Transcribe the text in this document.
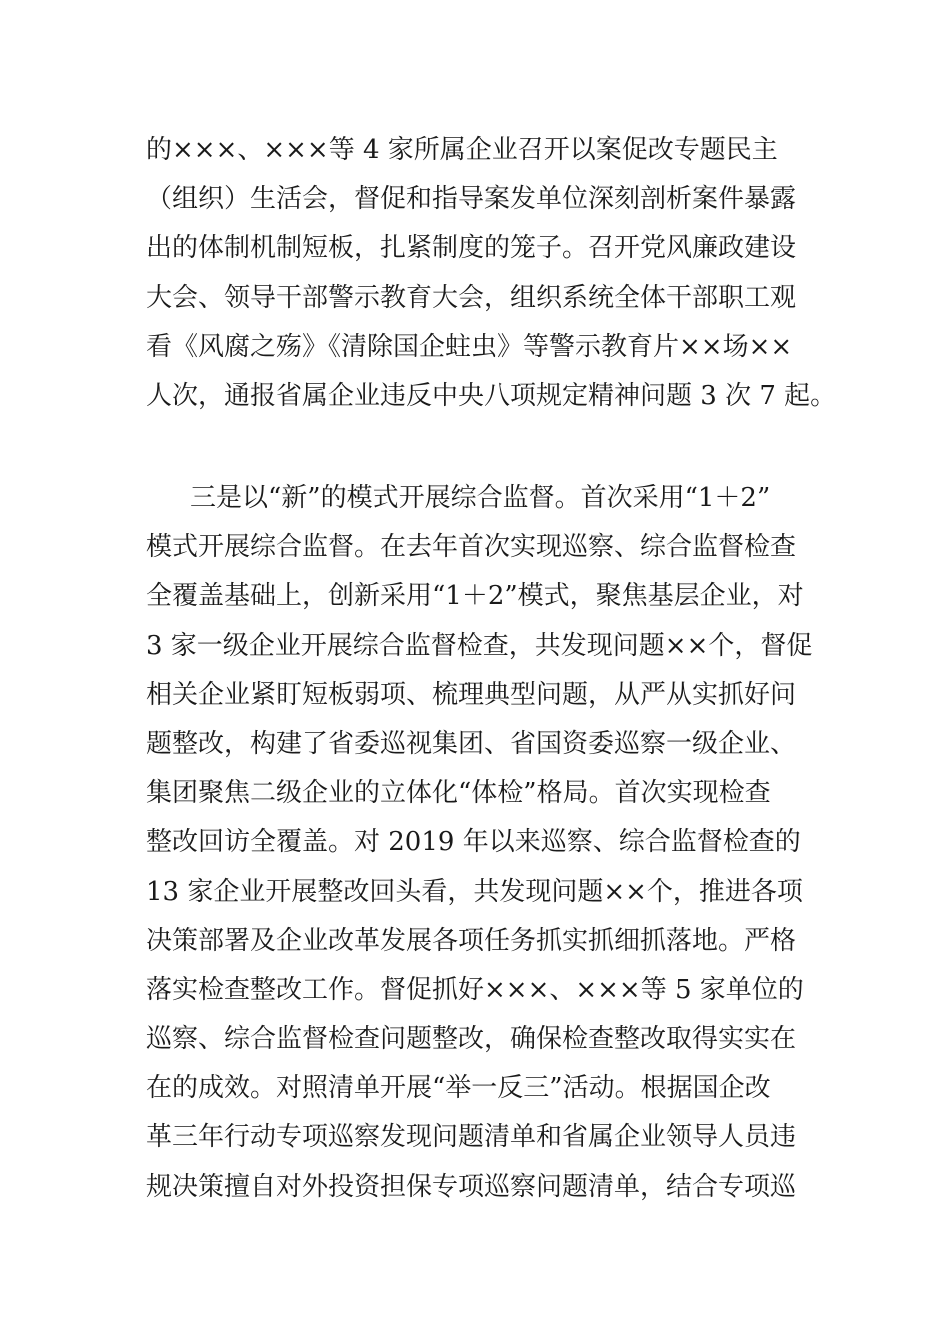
的×××、×××等 4 家所属企业召开以案促改专题民主
（组织）生活会，督促和指导案发单位深刻剖析案件暴露
出的体制机制短板，扎紧制度的笼子。召开党风廉政建设
大会、领导干部警示教育大会，组织系统全体干部职工观
看《风腐之殇》《清除国企蛀虫》等警示教育片××场××
人次，通报省属企业违反中央八项规定精神问题 3 次 7 起。
三是以“新”的模式开展综合监督。首次采用“1＋2”
模式开展综合监督。在去年首次实现巡察、综合监督检查
全覆盖基础上，创新采用“1＋2”模式，聚焦基层企业，对
3 家一级企业开展综合监督检查，共发现问题××个，督促
相关企业紧盯短板弱项、梳理典型问题，从严从实抓好问
题整改，构建了省委巡视集团、省国资委巡察一级企业、
集团聚焦二级企业的立体化“体检”格局。首次实现检查
整改回访全覆盖。对 2019 年以来巡察、综合监督检查的
13 家企业开展整改回头看，共发现问题××个，推进各项
决策部署及企业改革发展各项任务抓实抓细抓落地。严格
落实检查整改工作。督促抓好×××、×××等 5 家单位的
巡察、综合监督检查问题整改，确保检查整改取得实实在
在的成效。对照清单开展“举一反三”活动。根据国企改
革三年行动专项巡察发现问题清单和省属企业领导人员违
规决策擅自对外投资担保专项巡察问题清单，结合专项巡
